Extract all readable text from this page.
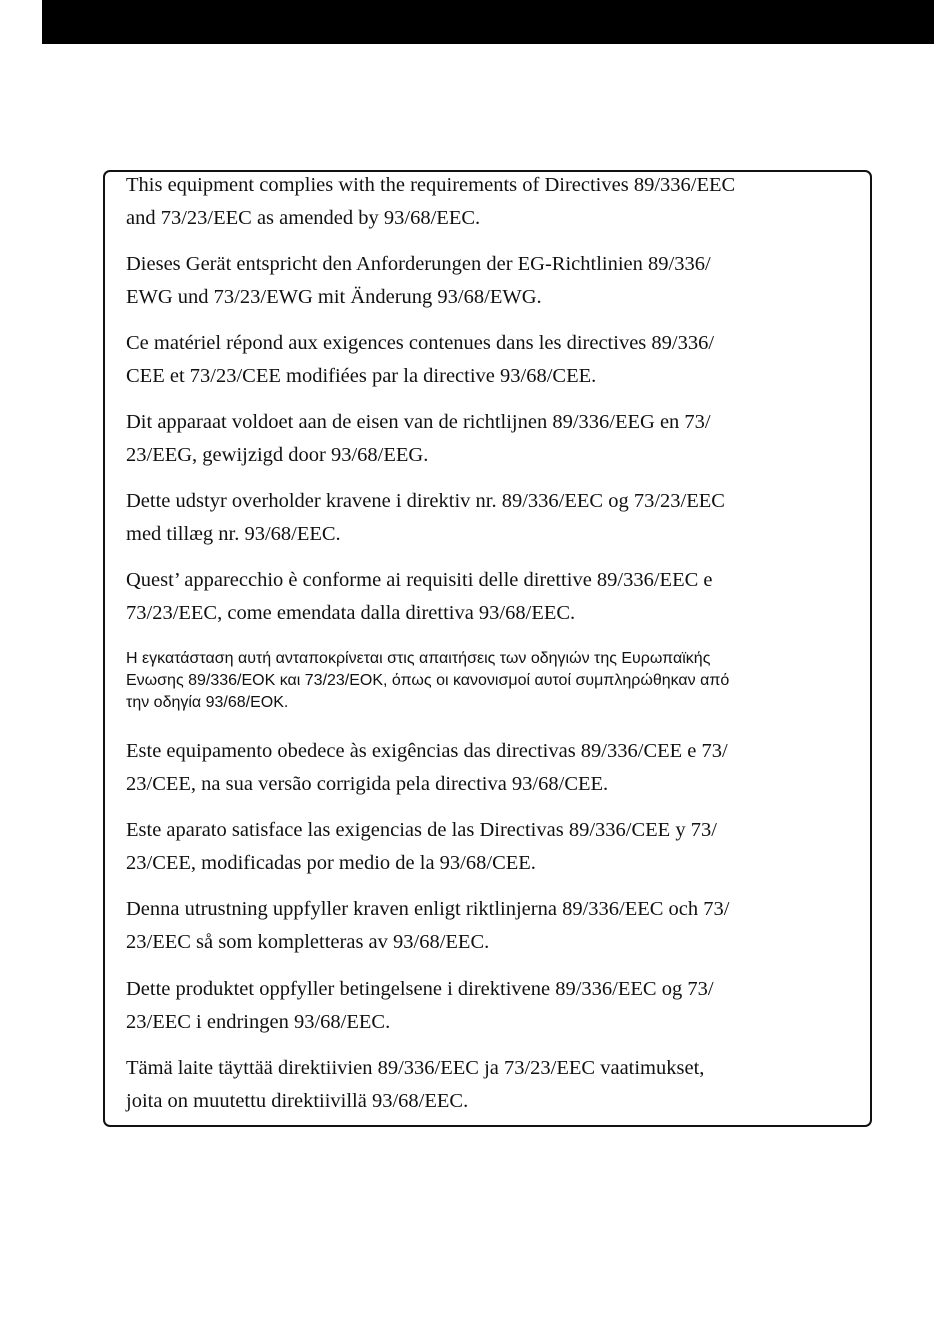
This equipment complies with the requirements of Directives 89/336/EEC
and 73/23/EEC as amended by 93/68/EEC.

Dieses Gerät entspricht den Anforderungen der EG-Richtlinien 89/336/
EWG und 73/23/EWG mit Änderung 93/68/EWG.

Ce matériel répond aux exigences contenues dans les directives 89/336/
CEE et 73/23/CEE modifiées par la directive 93/68/CEE.

Dit apparaat voldoet aan de eisen van de richtlijnen 89/336/EEG en 73/
23/EEG, gewijzigd door 93/68/EEG.

Dette udstyr overholder kravene i direktiv nr. 89/336/EEC og 73/23/EEC
med tillæg nr. 93/68/EEC.

Quest’ apparecchio è conforme ai requisiti delle direttive 89/336/EEC e
73/23/EEC, come emendata dalla direttiva 93/68/EEC.

Η εγκατάσταση αυτή ανταποκρίνεται στις απαιτήσεις των οδηγιών της Ευρωπαϊκής
Ενωσης 89/336/ΕΟΚ και 73/23/ΕΟΚ, όπως οι κανονισμοί αυτοί συμπληρώθηκαν από
την οδηγία 93/68/ΕΟΚ.

Este equipamento obedece às exigências das directivas 89/336/CEE e 73/
23/CEE, na sua versão corrigida pela directiva 93/68/CEE.

Este aparato satisface las exigencias de las Directivas 89/336/CEE y 73/
23/CEE, modificadas por medio de la 93/68/CEE.

Denna utrustning uppfyller kraven enligt riktlinjerna 89/336/EEC och 73/
23/EEC så som kompletteras av 93/68/EEC.

Dette produktet oppfyller betingelsene i direktivene 89/336/EEC og 73/
23/EEC i endringen 93/68/EEC.

Tämä laite täyttää direktiivien 89/336/EEC ja 73/23/EEC vaatimukset,
joita on muutettu direktiivillä 93/68/EEC.
